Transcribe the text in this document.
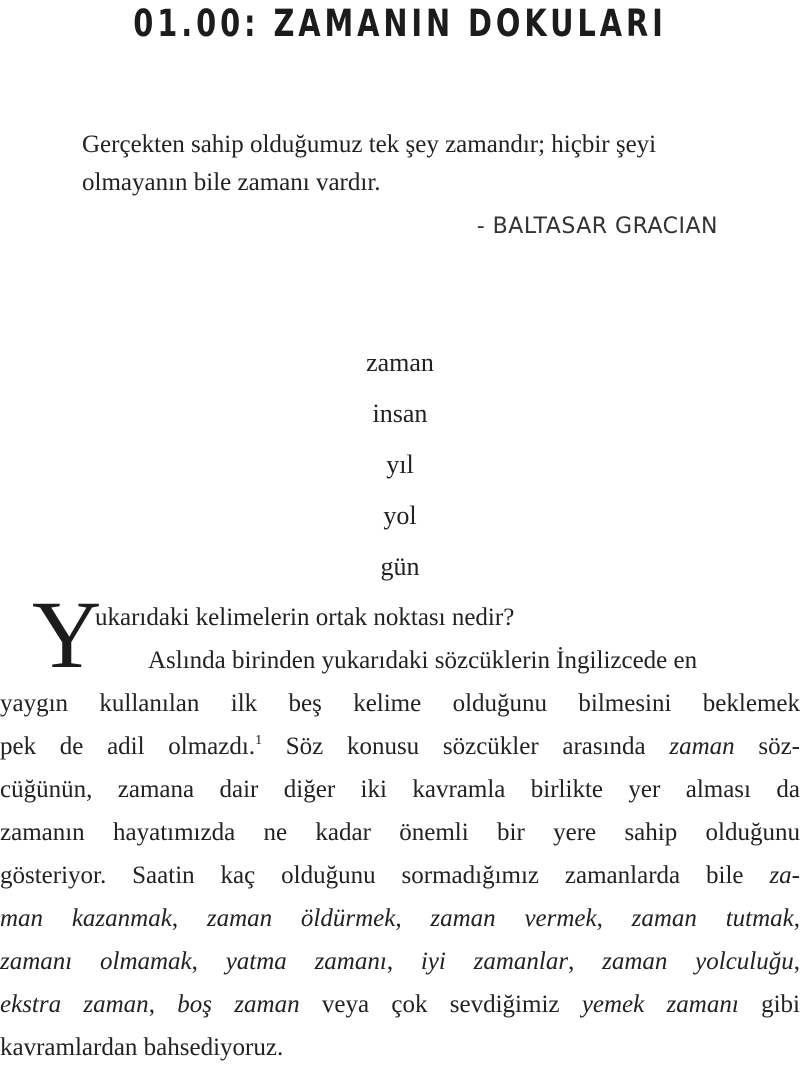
01.00: ZAMANIN DOKULARI
Gerçekten sahip olduğumuz tek şey zamandır; hiçbir şeyi
olmayanın bile zamanı vardır.
- BALTASAR GRACIAN
zaman
insan
yıl
yol
gün
Y
ukarıdaki kelimelerin ortak noktası nedir?
Aslında birinden yukarıdaki sözcüklerin İngilizcede en
yaygın kullanılan ilk beş kelime olduğunu bilmesini beklemek
pek de adil olmazdı.$^1$ Söz konusu sözcükler arasında zaman söz-
cüğünün, zamana dair diğer iki kavramla birlikte yer alması da
zamanın hayatımızda ne kadar önemli bir yere sahip olduğunu
gösteriyor. Saatin kaç olduğunu sormadığımız zamanlarda bile za-
man kazanmak, zaman öldürmek, zaman vermek, zaman tutmak,
zamanı olmamak, yatma zamanı, iyi zamanlar, zaman yolculuğu,
ekstra zaman, boş zaman veya çok sevdiğimiz yemek zamanı gibi
kavramlardan bahsediyoruz.
